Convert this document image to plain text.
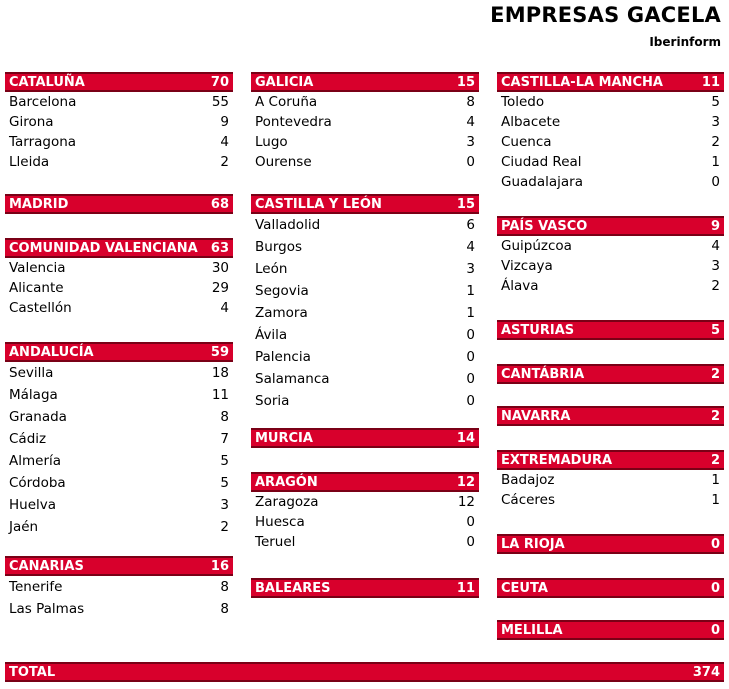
EMPRESAS GACELA
Iberinform
CATALUÑA	70
Barcelona	55
Girona	9
Tarragona	4
Lleida	2
MADRID	68
COMUNIDAD VALENCIANA 63
Valencia	30
Alicante	29
Castellón	4
ANDALUCÍA	59
Sevilla	18
Málaga	11
Granada	8
Cádiz	7
Almería	5
Córdoba	5
Huelva	3
Jaén	2
CANARIAS	16
Tenerife	8
Las Palmas	8
GALICIA	15
A Coruña	8
Pontevedra	4
Lugo	3
Ourense	0
CASTILLA Y LEÓN	15
Valladolid	6
Burgos	4
León	3
Segovia	1
Zamora	1
Ávila	0
Palencia	0
Salamanca	0
Soria	0
MURCIA	14
ARAGÓN	12
Zaragoza	12
Huesca	0
Teruel	0
BALEARES	11
CASTILLA-LA MANCHA	11
Toledo	5
Albacete	3
Cuenca	2
Ciudad Real	1
Guadalajara	0
PAÍS VASCO	9
Guipúzcoa	4
Vizcaya	3
Álava	2
ASTURIAS	5
CANTÁBRIA	2
NAVARRA	2
EXTREMADURA	2
Badajoz	1
Cáceres	1
LA RIOJA	0
CEUTA	0
MELILLA	0
TOTAL	374
